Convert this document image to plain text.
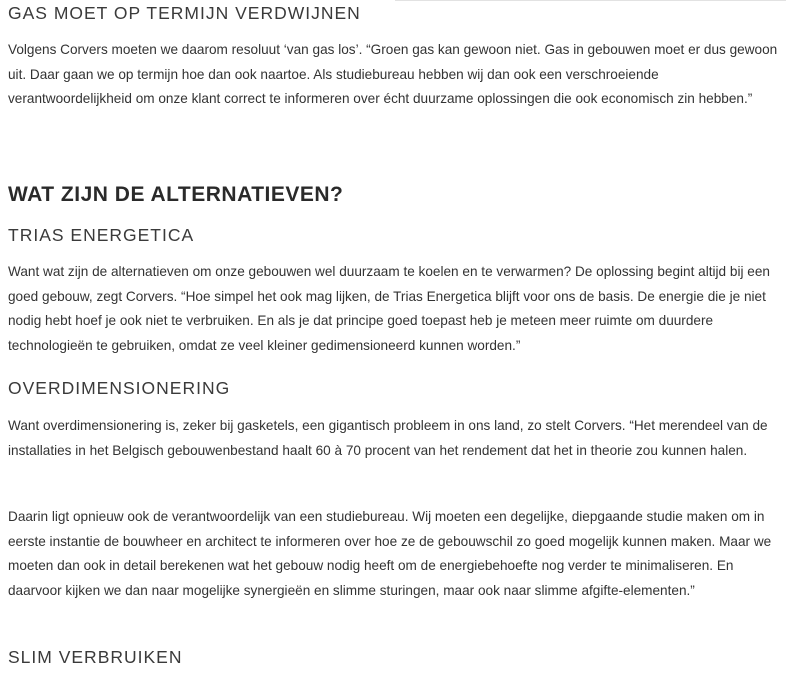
GAS MOET OP TERMIJN VERDWIJNEN

Volgens Corvers moeten we daarom resoluut ‘van gas los’. “Groen gas kan gewoon niet. Gas in gebouwen moet er dus gewoon uit. Daar gaan we op termijn hoe dan ook naartoe. Als studiebureau hebben wij dan ook een verschroeiende verantwoordelijkheid om onze klant correct te informeren over écht duurzame oplossingen die ook economisch zin hebben.”

WAT ZIJN DE ALTERNATIEVEN?
TRIAS ENERGETICA

Want wat zijn de alternatieven om onze gebouwen wel duurzaam te koelen en te verwarmen? De oplossing begint altijd bij een goed gebouw, zegt Corvers. “Hoe simpel het ook mag lijken, de Trias Energetica blijft voor ons de basis. De energie die je niet nodig hebt hoef je ook niet te verbruiken. En als je dat principe goed toepast heb je meteen meer ruimte om duurdere technologieën te gebruiken, omdat ze veel kleiner gedimensioneerd kunnen worden.”

OVERDIMENSIONERING

Want overdimensionering is, zeker bij gasketels, een gigantisch probleem in ons land, zo stelt Corvers. “Het merendeel van de installaties in het Belgisch gebouwenbestand haalt 60 à 70 procent van het rendement dat het in theorie zou kunnen halen.

Daarin ligt opnieuw ook de verantwoordelijk van een studiebureau. Wij moeten een degelijke, diepgaande studie maken om in eerste instantie de bouwheer en architect te informeren over hoe ze de gebouwschil zo goed mogelijk kunnen maken. Maar we moeten dan ook in detail berekenen wat het gebouw nodig heeft om de energiebehoefte nog verder te minimaliseren. En daarvoor kijken we dan naar mogelijke synergieën en slimme sturingen, maar ook naar slimme afgifte-elementen.”

SLIM VERBRUIKEN
